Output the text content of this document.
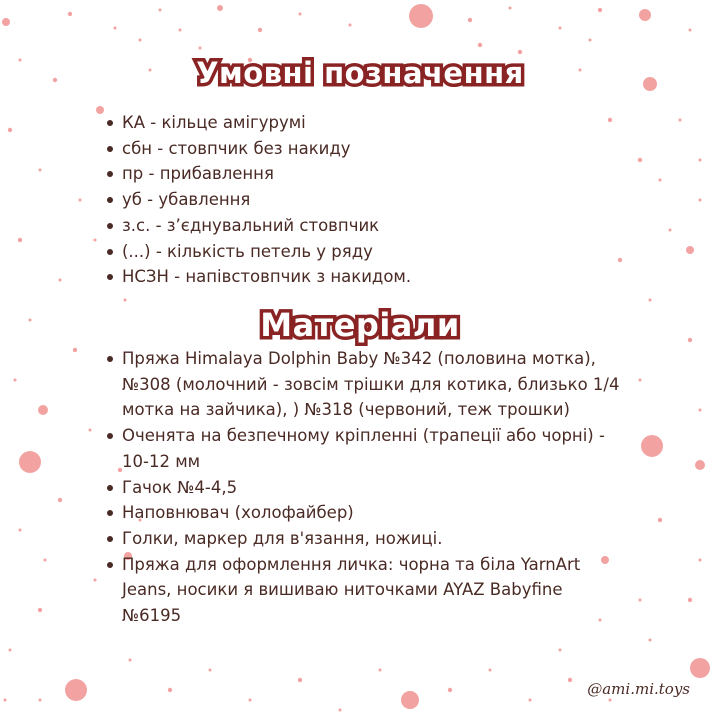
Умовні позначення
КА - кільце амігурумі
сбн - стовпчик без накиду
пр - прибавлення
уб - убавлення
з.с. - з’єднувальний стовпчик
(...) - кількість петель у ряду
НСЗН - напівстовпчик з накидом.
Матеріали
Пряжа Himalaya Dolphin Baby №342 (половина мотка), №308 (молочний - зовсім трішки для котика, близько 1/4 мотка на зайчика), ) №318 (червоний, теж трошки)
Оченята на безпечному кріпленні (трапеції або чорні) - 10-12 мм
Гачок №4-4,5
Наповнювач (холофайбер)
Голки, маркер для в'язання, ножиці.
Пряжа для оформлення личка: чорна та біла YarnArt Jeans, носики я вишиваю ниточками AYAZ Babyfine №6195
@ami.mi.toys
